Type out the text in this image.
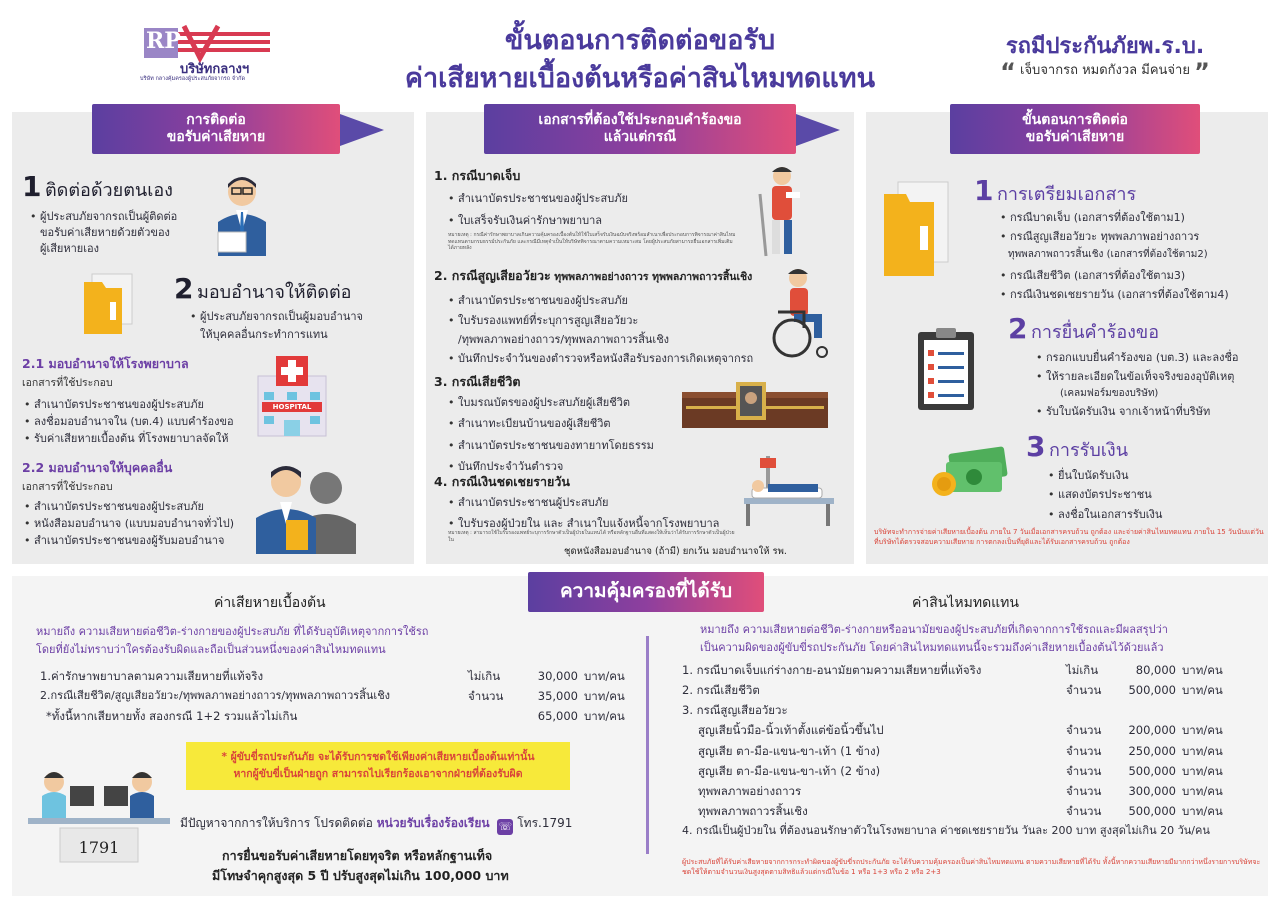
RP
บริษัทกลางฯ
บริษัท กลางคุ้มครองผู้ประสบภัยจากรถ จำกัด
ขั้นตอนการติดต่อขอรับ
ค่าเสียหายเบื้องต้นหรือค่าสินไหมทดแทน
รถมีประกันภัยพ.ร.บ.
“ เจ็บจากรถ หมดกังวล มีคนจ่าย ”
การติดต่อ
ขอรับค่าเสียหาย
1 ติดต่อด้วยตนเอง
• ผู้ประสบภัยจากรถเป็นผู้ติดต่อ
ขอรับค่าเสียหายด้วยตัวของ
ผู้เสียหายเอง
2 มอบอำนาจให้ติดต่อ
• ผู้ประสบภัยจากรถเป็นผู้มอบอำนาจ
ให้บุคคลอื่นกระทำการแทน
2.1 มอบอำนาจให้โรงพยาบาล
เอกสารที่ใช้ประกอบ
• สำเนาบัตรประชาชนของผู้ประสบภัย
• ลงชื่อมอบอำนาจใน (บต.4) แบบคำร้องขอ
• รับค่าเสียหายเบื้องต้น ที่โรงพยาบาลจัดให้
HOSPITAL
2.2 มอบอำนาจให้บุคคลอื่น
เอกสารที่ใช้ประกอบ
• สำเนาบัตรประชาชนของผู้ประสบภัย
• หนังสือมอบอำนาจ (แบบมอบอำนาจทั่วไป)
• สำเนาบัตรประชาชนของผู้รับมอบอำนาจ
เอกสารที่ต้องใช้ประกอบคำร้องขอ
แล้วแต่กรณี
1. กรณีบาดเจ็บ
• สำเนาบัตรประชาชนของผู้ประสบภัย
• ใบเสร็จรับเงินค่ารักษาพยาบาล
หมายเหตุ : กรณีค่ารักษาพยาบาลเกินความคุ้มครองเบื้องต้นให้ใช้ใบเสร็จรับเงินฉบับจริงพร้อมสำเนาเพื่อประกอบการพิจารณาค่าสินไหมทดแทนตามกรมธรรม์ประกันภัย และกรณีมีเหตุจำเป็นให้บริษัทพิจารณาตามความเหมาะสม โดยผู้ประสบภัยสามารถยื่นเอกสารเพิ่มเติมได้ภายหลัง
2. กรณีสูญเสียอวัยวะ ทุพพลภาพอย่างถาวร ทุพพลภาพถาวรสิ้นเชิง
• สำเนาบัตรประชาชนของผู้ประสบภัย
• ใบรับรองแพทย์ที่ระบุการสูญเสียอวัยวะ
/ทุพพลภาพอย่างถาวร/ทุพพลภาพถาวรสิ้นเชิง
• บันทึกประจำวันของตำรวจหรือหนังสือรับรองการเกิดเหตุจากรถ
3. กรณีเสียชีวิต
• ใบมรณบัตรของผู้ประสบภัยผู้เสียชีวิต
• สำเนาทะเบียนบ้านของผู้เสียชีวิต
• สำเนาบัตรประชาชนของทายาทโดยธรรม
• บันทึกประจำวันตำรวจ
4. กรณีเงินชดเชยรายวัน
• สำเนาบัตรประชาชนผู้ประสบภัย
• ใบรับรองผู้ป่วยใน และ สำเนาใบแจ้งหนี้จากโรงพยาบาล
หมายเหตุ : สามารถใช้ใบรับรองแพทย์ระบุการรักษาตัวเป็นผู้ป่วยในแทนได้ หรือหลักฐานอื่นที่แสดงให้เห็นว่าได้รับการรักษาตัวเป็นผู้ป่วยใน
ชุดหนังสือมอบอำนาจ (ถ้ามี) ยกเว้น มอบอำนาจให้ รพ.
ขั้นตอนการติดต่อ
ขอรับค่าเสียหาย
1 การเตรียมเอกสาร
• กรณีบาดเจ็บ (เอกสารที่ต้องใช้ตาม1)
• กรณีสูญเสียอวัยวะ ทุพพลภาพอย่างถาวร
ทุพพลภาพถาวรสิ้นเชิง (เอกสารที่ต้องใช้ตาม2)
• กรณีเสียชีวิต (เอกสารที่ต้องใช้ตาม3)
• กรณีเงินชดเชยรายวัน (เอกสารที่ต้องใช้ตาม4)
2 การยื่นคำร้องขอ
• กรอกแบบยื่นคำร้องขอ (บต.3) และลงชื่อ
• ให้รายละเอียดในข้อเท็จจริงของอุบัติเหตุ
(เคลมฟอร์มของบริษัท)
• รับใบนัดรับเงิน จากเจ้าหน้าที่บริษัท
3 การรับเงิน
• ยื่นใบนัดรับเงิน
• แสดงบัตรประชาชน
• ลงชื่อในเอกสารรับเงิน
บริษัทจะทำการจ่ายค่าเสียหายเบื้องต้น ภายใน 7 วันเมื่อเอกสารครบถ้วน ถูกต้อง และจ่ายค่าสินไหมทดแทน ภายใน 15 วันนับแต่วันที่บริษัทได้ตรวจสอบความเสียหาย การตกลงเป็นที่ยุติและได้รับเอกสารครบถ้วน ถูกต้อง
ความคุ้มครองที่ได้รับ
ค่าเสียหายเบื้องต้น
หมายถึง ความเสียหายต่อชีวิต-ร่างกายของผู้ประสบภัย ที่ได้รับอุบัติเหตุจากการใช้รถ
โดยที่ยังไม่ทราบว่าใครต้องรับผิดและถือเป็นส่วนหนึ่งของค่าสินไหมทดแทน
1.ค่ารักษาพยาบาลตามความเสียหายที่แท้จริง	ไม่เกิน	30,000 บาท/คน
2.กรณีเสียชีวิต/สูญเสียอวัยวะ/ทุพพลภาพอย่างถาวร/ทุพพลภาพถาวรสิ้นเชิง	จำนวน	35,000 บาท/คน
*ทั้งนี้หากเสียหายทั้ง สองกรณี 1+2 รวมแล้วไม่เกิน	65,000 บาท/คน
* ผู้ขับขี่รถประกันภัย จะได้รับการชดใช้เพียงค่าเสียหายเบื้องต้นเท่านั้น
หากผู้ขับขี่เป็นฝ่ายถูก สามารถไปเรียกร้องเอาจากฝ่ายที่ต้องรับผิด
1791
มีปัญหาจากการให้บริการ โปรดติดต่อ หน่วยรับเรื่องร้องเรียน ☏ โทร.1791
การยื่นขอรับค่าเสียหายโดยทุจริต หรือหลักฐานเท็จ
มีโทษจำคุกสูงสุด 5 ปี ปรับสูงสุดไม่เกิน 100,000 บาท
ค่าสินไหมทดแทน
หมายถึง ความเสียหายต่อชีวิต-ร่างกายหรืออนามัยของผู้ประสบภัยที่เกิดจากการใช้รถและมีผลสรุปว่า
เป็นความผิดของผู้ขับขี่รถประกันภัย โดยค่าสินไหมทดแทนนี้จะรวมถึงค่าเสียหายเบื้องต้นไว้ด้วยแล้ว
1. กรณีบาดเจ็บแก่ร่างกาย-อนามัยตามความเสียหายที่แท้จริง	ไม่เกิน	80,000 บาท/คน
2. กรณีเสียชีวิต	จำนวน	500,000 บาท/คน
3. กรณีสูญเสียอวัยวะ
สูญเสียนิ้วมือ-นิ้วเท้าตั้งแต่ข้อนิ้วขึ้นไป	จำนวน	200,000 บาท/คน
สูญเสีย ตา-มือ-แขน-ขา-เท้า (1 ข้าง)	จำนวน	250,000 บาท/คน
สูญเสีย ตา-มือ-แขน-ขา-เท้า (2 ข้าง)	จำนวน	500,000 บาท/คน
ทุพพลภาพอย่างถาวร	จำนวน	300,000 บาท/คน
ทุพพลภาพถาวรสิ้นเชิง	จำนวน	500,000 บาท/คน
4. กรณีเป็นผู้ป่วยใน ที่ต้องนอนรักษาตัวในโรงพยาบาล ค่าชดเชยรายวัน วันละ 200 บาท สูงสุดไม่เกิน 20 วัน/คน
ผู้ประสบภัยที่ได้รับค่าเสียหายจากการกระทำผิดของผู้ขับขี่รถประกันภัย จะได้รับความคุ้มครองเป็นค่าสินไหมทดแทน ตามความเสียหายที่ได้รับ ทั้งนี้หากความเสียหายมีมากกว่าหนึ่งรายการบริษัทจะชดใช้ให้ตามจำนวนเงินสูงสุดตามสิทธิแล้วแต่กรณีในข้อ 1 หรือ 1+3 หรือ 2 หรือ 2+3
